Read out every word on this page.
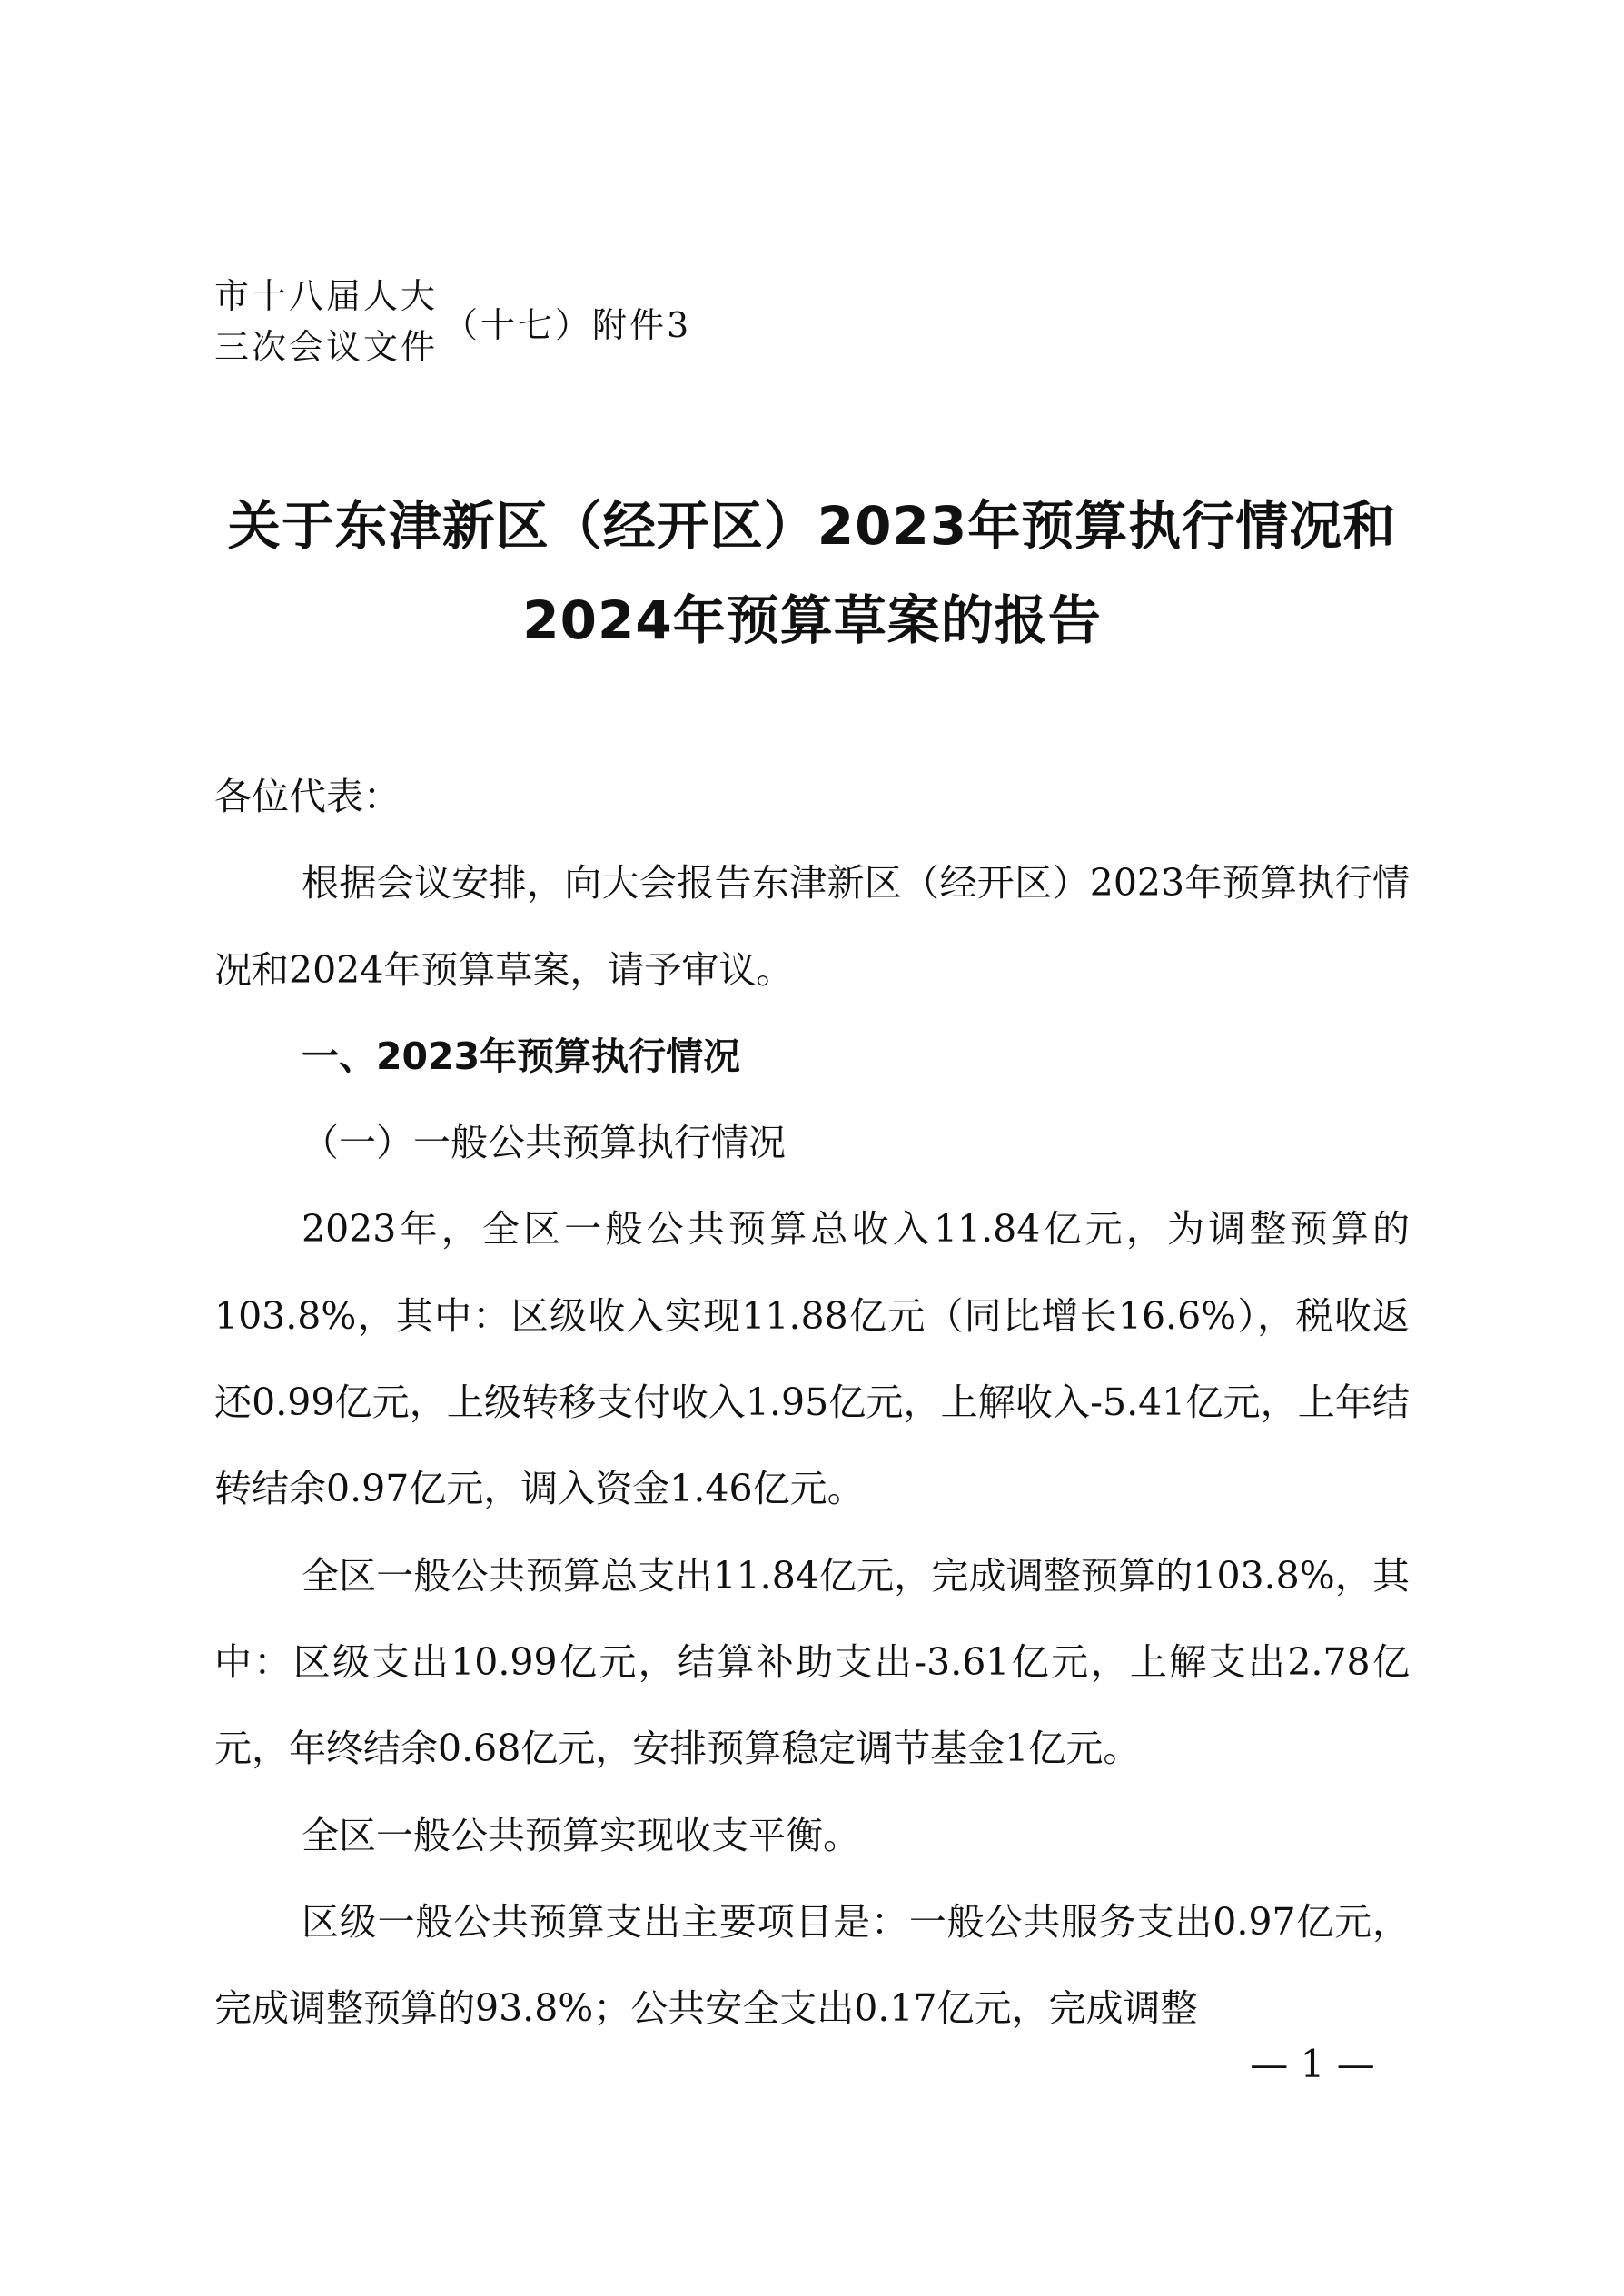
市十八届人大
三次会议文件
（十七）附件3
关于东津新区（经开区）2023年预算执行情况和
2024年预算草案的报告

各位代表：

根据会议安排，向大会报告东津新区（经开区）2023年预算执行情况和2024年预算草案，请予审议。

一、2023年预算执行情况

（一）一般公共预算执行情况

2023年，全区一般公共预算总收入11.84亿元，为调整预算的103.8%，其中：区级收入实现11.88亿元（同比增长16.6%），税收返还0.99亿元，上级转移支付收入1.95亿元，上解收入-5.41亿元，上年结转结余0.97亿元，调入资金1.46亿元。

全区一般公共预算总支出11.84亿元，完成调整预算的103.8%，其中：区级支出10.99亿元，结算补助支出-3.61亿元，上解支出2.78亿元，年终结余0.68亿元，安排预算稳定调节基金1亿元。

全区一般公共预算实现收支平衡。

区级一般公共预算支出主要项目是：一般公共服务支出0.97亿元，完成调整预算的93.8%；公共安全支出0.17亿元，完成调整

— 1 —
